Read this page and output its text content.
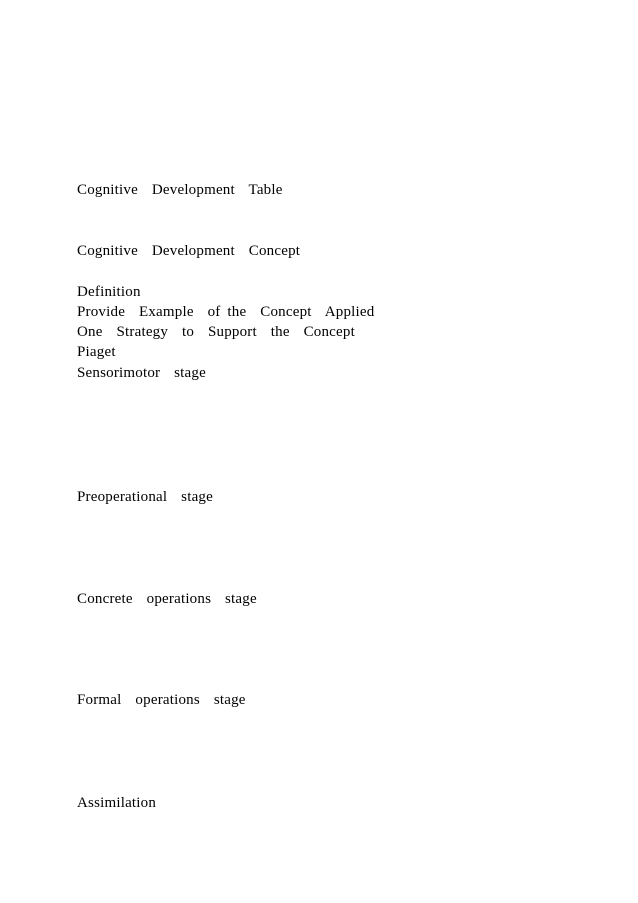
Cognitive  Development  Table
Cognitive  Development  Concept
Definition
Provide  Example  of the  Concept  Applied
One  Strategy  to  Support  the  Concept
Piaget
Sensorimotor  stage
Preoperational  stage
Concrete  operations  stage
Formal  operations  stage
Assimilation
